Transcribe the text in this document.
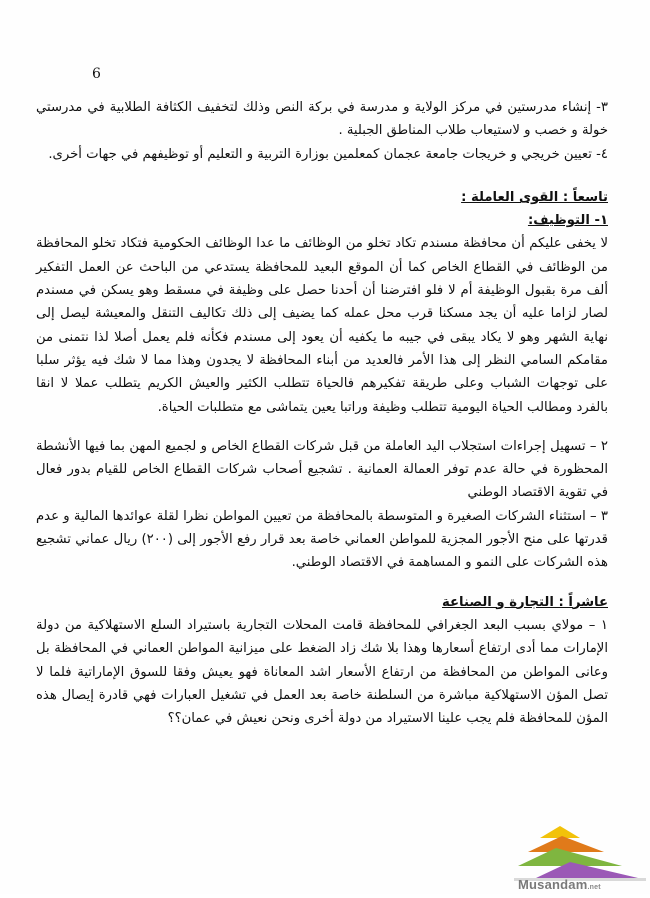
6

٣- إنشاء مدرستين في مركز الولاية و مدرسة في بركة النص وذلك لتخفيف الكثافة الطلابية في مدرستي خولة و خصب و لاستيعاب طلاب المناطق الجبلية .

٤- تعيين خريجي و خريجات جامعة عجمان كمعلمين بوزارة التربية و التعليم أو توظيفهم في جهات أخرى.

تاسعاً : القوى العاملة :

١- التوظيف:

لا يخفى عليكم أن محافظة مسندم تكاد تخلو من الوظائف ما عدا الوظائف الحكومية فتكاد تخلو المحافظة من الوظائف في القطاع الخاص كما أن الموقع البعيد للمحافظة يستدعي من الباحث عن العمل التفكير ألف مرة بقبول الوظيفة أم لا فلو افترضنا أن أحدنا حصل على وظيفة في مسقط وهو يسكن في مسندم لصار لزاما عليه أن يجد مسكنا قرب محل عمله كما يضيف إلى ذلك تكاليف التنقل والمعيشة ليصل إلى نهاية الشهر وهو لا يكاد يبقى في جيبه ما يكفيه أن يعود إلى مسندم فكأنه فلم يعمل أصلا لذا نتمنى من مقامكم السامي النظر إلى هذا الأمر فالعديد من أبناء المحافظة لا يجدون وهذا مما لا شك فيه يؤثر سلبا على توجهات الشباب وعلى طريقة تفكيرهم فالحياة تتطلب الكثير والعيش الكريم يتطلب عملا لا انقا بالفرد ومطالب الحياة اليومية تتطلب وظيفة وراتبا يعين يتماشى مع متطلبات الحياة.

٢ – تسهيل إجراءات استجلاب اليد العاملة من قبل شركات القطاع الخاص و لجميع المهن بما فيها الأنشطة المحظورة في حالة عدم توفر العمالة العمانية . تشجيع أصحاب شركات القطاع الخاص للقيام بدور فعال في تقوية الاقتصاد الوطني

٣ – استثناء الشركات الصغيرة و المتوسطة بالمحافظة من تعيين المواطن نظرا لقلة عوائدها المالية و عدم قدرتها على منح الأجور المجزية للمواطن العماني خاصة بعد قرار رفع الأجور إلى (٢٠٠) ريال عماني تشجيع هذه الشركات على النمو و المساهمة في الاقتصاد الوطني.

عاشراً : التجارة و الصناعة

١ – مولاي بسبب البعد الجغرافي للمحافظة قامت المحلات التجارية باستيراد السلع الاستهلاكية من دولة الإمارات مما أدى ارتفاع أسعارها وهذا بلا شك زاد الضغط على ميزانية المواطن العماني في المحافظة بل وعانى المواطن من المحافظة من ارتفاع الأسعار اشد المعاناة فهو يعيش وفقا للسوق الإماراتية فلما لا تصل المؤن الاستهلاكية مباشرة من السلطنة خاصة بعد العمل في تشغيل العبارات فهي قادرة إيصال هذه المؤن للمحافظة فلم يجب علينا الاستيراد من دولة أخرى ونحن نعيش في عمان؟؟

Musandam.net
